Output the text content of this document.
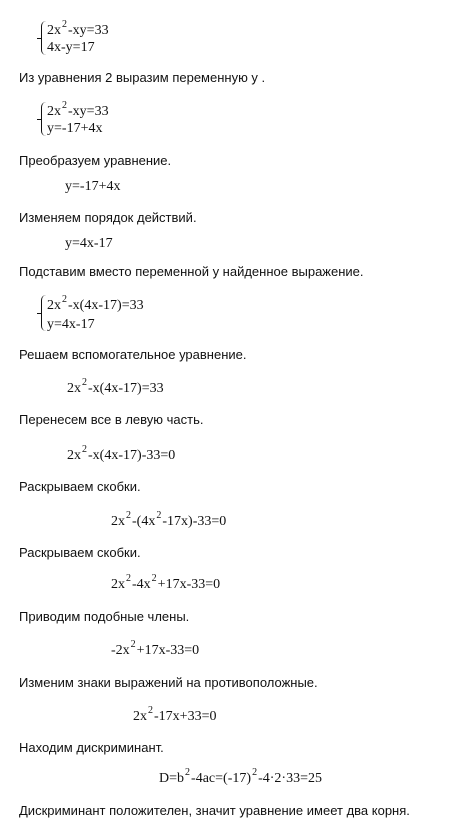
$2x^2-xy=33$
4x-y=17
Из уравнения 2 выразим переменную y .
$2x^2-xy=33$
y=-17+4x
Преобразуем уравнение.
y=-17+4x
Изменяем порядок действий.
y=4x-17
Подставим вместо переменной y найденное выражение.
$2x^2-x(4x-17)=33$
y=4x-17
Решаем вспомогательное уравнение.
$2x^2-x(4x-17)=33$
Перенесем все в левую часть.
$2x^2-x(4x-17)-33=0$
Раскрываем скобки.
$2x^2-(4x^2-17x)-33=0$
Раскрываем скобки.
$2x^2-4x^2+17x-33=0$
Приводим подобные члены.
$-2x^2+17x-33=0$
Изменим знаки выражений на противоположные.
$2x^2-17x+33=0$
Находим дискриминант.
$D=b^2-4ac=(-17)^2-4\cdot 2\cdot 33=25$
Дискриминант положителен, значит уравнение имеет два корня.
